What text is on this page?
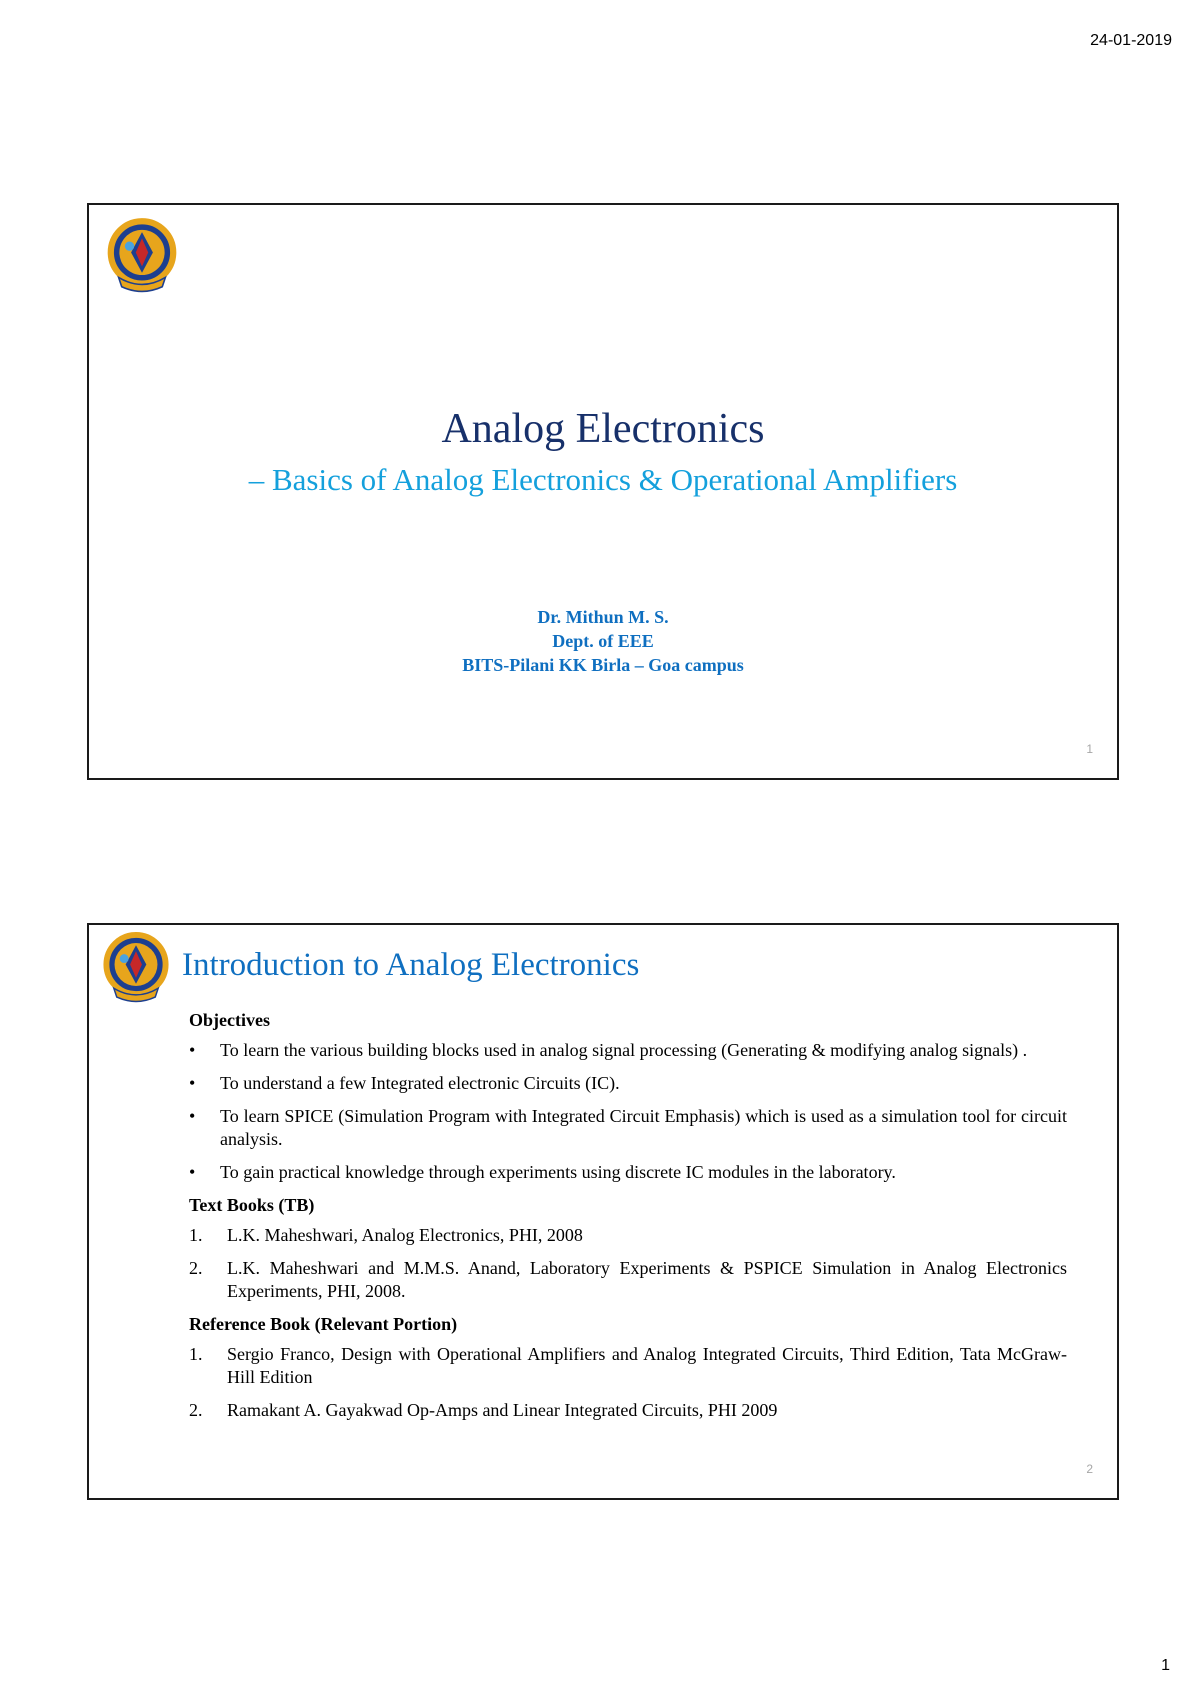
24-01-2019
1
Analog Electronics
– Basics of Analog Electronics & Operational Amplifiers
Dr. Mithun M. S.
Dept. of EEE
BITS-Pilani KK Birla – Goa campus
1
Introduction to Analog Electronics
Objectives
• To learn the various building blocks used in analog signal processing (Generating & modifying analog signals) .
• To understand a few Integrated electronic Circuits (IC).
• To learn SPICE (Simulation Program with Integrated Circuit Emphasis) which is used as a simulation tool for circuit analysis.
• To gain practical knowledge through experiments using discrete IC modules in the laboratory.
Text Books (TB)
1. L.K. Maheshwari, Analog Electronics, PHI, 2008
2. L.K. Maheshwari and M.M.S. Anand, Laboratory Experiments & PSPICE Simulation in Analog Electronics Experiments, PHI, 2008.
Reference Book (Relevant Portion)
1. Sergio Franco, Design with Operational Amplifiers and Analog Integrated Circuits, Third Edition, Tata McGraw-Hill Edition
2. Ramakant A. Gayakwad Op-Amps and Linear Integrated Circuits, PHI 2009
2
